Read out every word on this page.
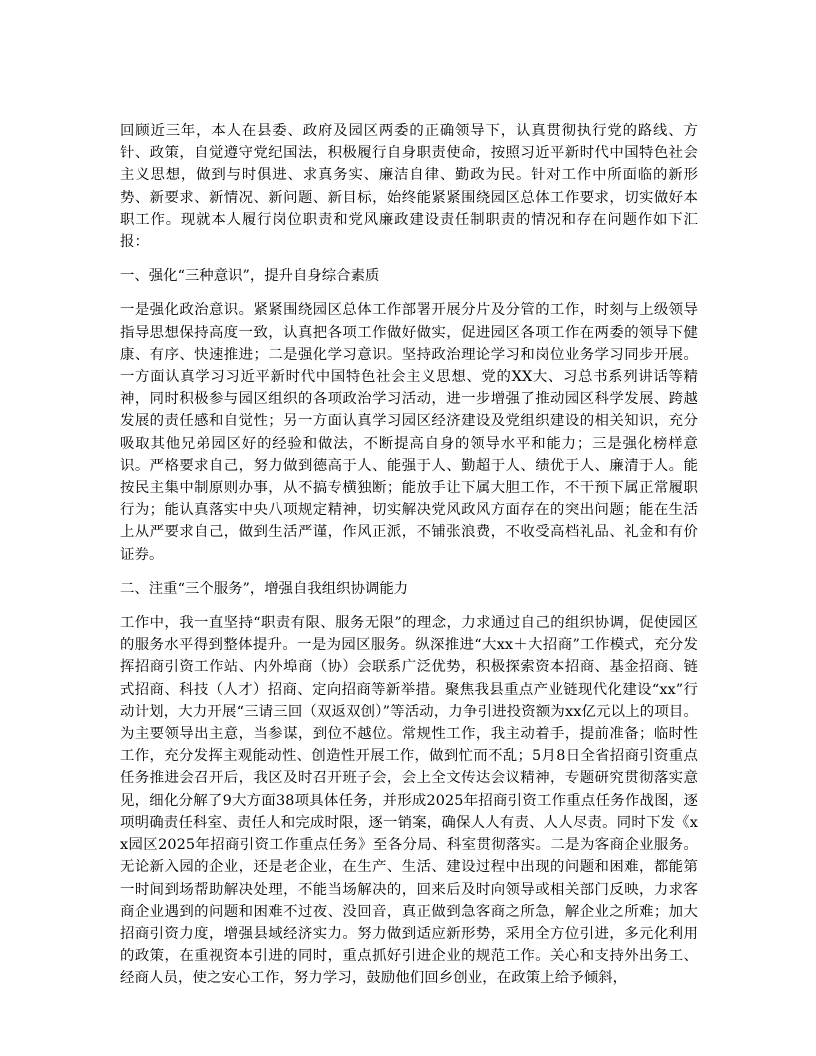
回顾近三年，本人在县委、政府及园区两委的正确领导下，认真贯彻执行党的路线、方针、政策，自觉遵守党纪国法，积极履行自身职责使命，按照习近平新时代中国特色社会主义思想，做到与时俱进、求真务实、廉洁自律、勤政为民。针对工作中所面临的新形势、新要求、新情况、新问题、新目标，始终能紧紧围绕园区总体工作要求，切实做好本职工作。现就本人履行岗位职责和党风廉政建设责任制职责的情况和存在问题作如下汇报：

一、强化“三种意识”，提升自身综合素质

一是强化政治意识。紧紧围绕园区总体工作部署开展分片及分管的工作，时刻与上级领导指导思想保持高度一致，认真把各项工作做好做实，促进园区各项工作在两委的领导下健康、有序、快速推进；二是强化学习意识。坚持政治理论学习和岗位业务学习同步开展。一方面认真学习习近平新时代中国特色社会主义思想、党的XX大、习总书系列讲话等精神，同时积极参与园区组织的各项政治学习活动，进一步增强了推动园区科学发展、跨越发展的责任感和自觉性；另一方面认真学习园区经济建设及党组织建设的相关知识，充分吸取其他兄弟园区好的经验和做法，不断提高自身的领导水平和能力；三是强化榜样意识。严格要求自己，努力做到德高于人、能强于人、勤超于人、绩优于人、廉清于人。能按民主集中制原则办事，从不搞专横独断；能放手让下属大胆工作，不干预下属正常履职行为；能认真落实中央八项规定精神，切实解决党风政风方面存在的突出问题；能在生活上从严要求自己，做到生活严谨，作风正派，不铺张浪费，不收受高档礼品、礼金和有价证券。

二、注重“三个服务”，增强自我组织协调能力

工作中，我一直坚持“职责有限、服务无限”的理念，力求通过自己的组织协调，促使园区的服务水平得到整体提升。一是为园区服务。纵深推进“大xx＋大招商”工作模式，充分发挥招商引资工作站、内外埠商（协）会联系广泛优势，积极探索资本招商、基金招商、链式招商、科技（人才）招商、定向招商等新举措。聚焦我县重点产业链现代化建设“xx”行动计划，大力开展“三请三回（双返双创）”等活动，力争引进投资额为xx亿元以上的项目。为主要领导出主意，当参谋，到位不越位。常规性工作，我主动着手，提前准备；临时性工作，充分发挥主观能动性、创造性开展工作，做到忙而不乱；5月8日全省招商引资重点任务推进会召开后，我区及时召开班子会，会上全文传达会议精神，专题研究贯彻落实意见，细化分解了9大方面38项具体任务，并形成2025年招商引资工作重点任务作战图，逐项明确责任科室、责任人和完成时限，逐一销案，确保人人有责、人人尽责。同时下发《xx园区2025年招商引资工作重点任务》至各分局、科室贯彻落实。二是为客商企业服务。无论新入园的企业，还是老企业，在生产、生活、建设过程中出现的问题和困难，都能第一时间到场帮助解决处理，不能当场解决的，回来后及时向领导或相关部门反映，力求客商企业遇到的问题和困难不过夜、没回音，真正做到急客商之所急，解企业之所难；加大招商引资力度，增强县域经济实力。努力做到适应新形势，采用全方位引进，多元化利用的政策，在重视资本引进的同时，重点抓好引进企业的规范工作。关心和支持外出务工、经商人员，使之安心工作，努力学习，鼓励他们回乡创业，在政策上给予倾斜，
